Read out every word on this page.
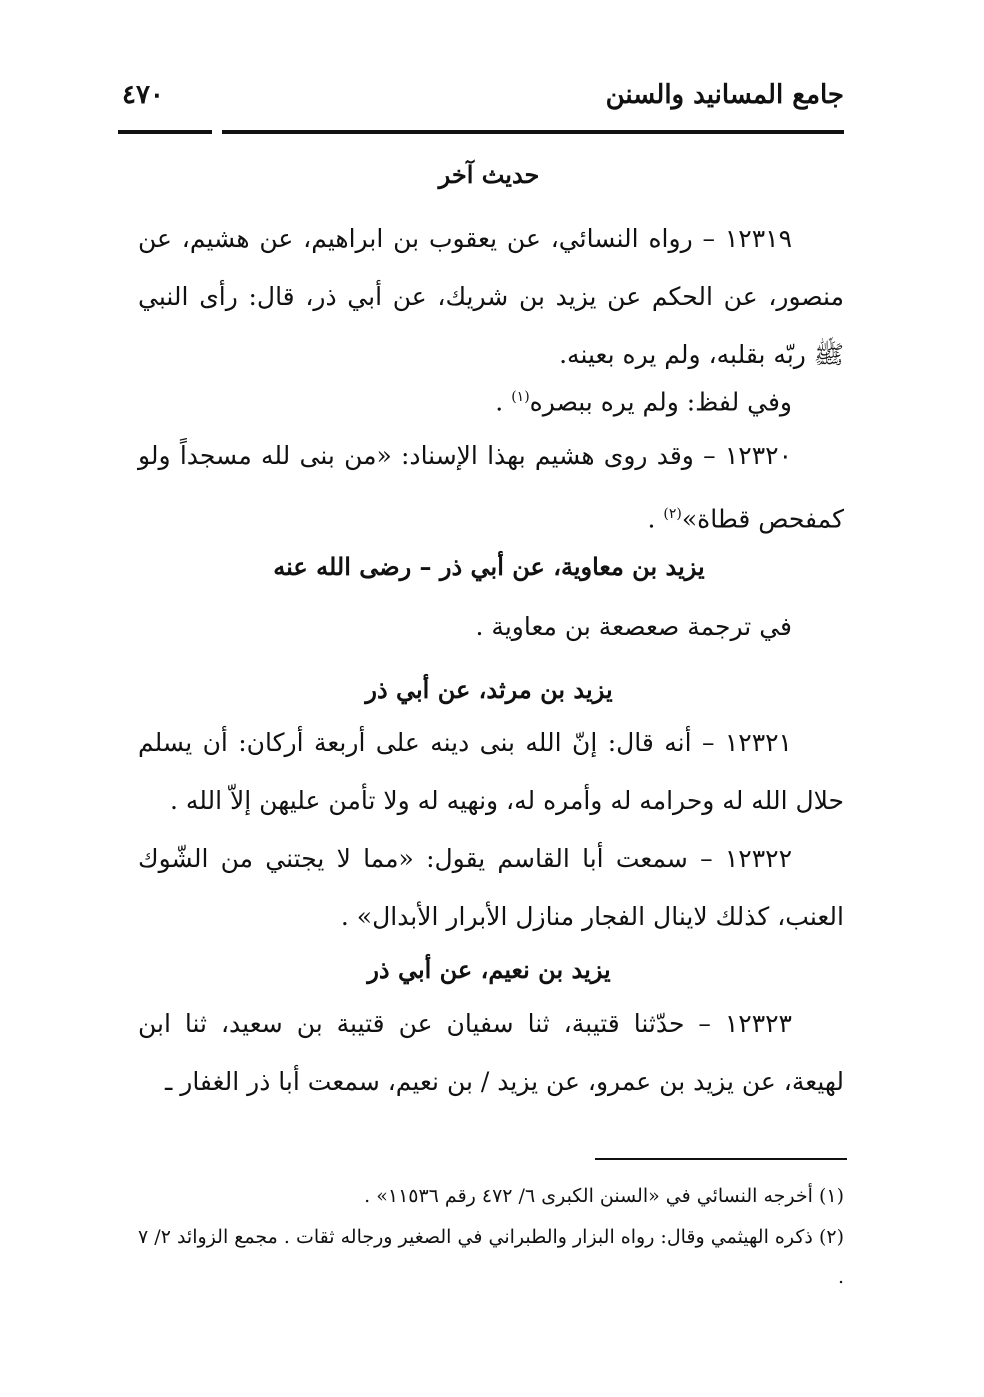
جامع المسانيد والسنن
٤٧٠
حديث آخر

١٢٣١٩ – رواه النسائي، عن يعقوب بن ابراهيم، عن هشيم، عن منصور، عن الحكم عن يزيد بن شريك، عن أبي ذر، قال: رأى النبي ﷺ ربّه بقلبه، ولم يره بعينه.

وفي لفظ: ولم يره ببصره$^{(١)}$ .

١٢٣٢٠ – وقد روى هشيم بهذا الإسناد: «من بنى لله مسجداً ولو كمفحص قطاة»$^{(٢)}$ .

يزيد بن معاوية، عن أبي ذر – رضى الله عنه

في ترجمة صعصعة بن معاوية .

يزيد بن مرثد، عن أبي ذر

١٢٣٢١ – أنه قال: إنّ الله بنى دينه على أربعة أركان: أن يسلم حلال الله له وحرامه له وأمره له، ونهيه له ولا تأمن عليهن إلاّ الله .

١٢٣٢٢ – سمعت أبا القاسم يقول: «مما لا يجتني من الشّوك العنب، كذلك لاينال الفجار منازل الأبرار الأبدال» .

يزيد بن نعيم، عن أبي ذر

١٢٣٢٣ – حدّثنا قتيبة، ثنا سفيان عن قتيبة بن سعيد، ثنا ابن لهيعة، عن يزيد بن عمرو، عن يزيد / بن نعيم، سمعت أبا ذر الغفار ـ

(١) أخرجه النسائي في «السنن الكبرى ٦/ ٤٧٢ رقم ١١٥٣٦» .

(٢) ذكره الهيثمي وقال: رواه البزار والطبراني في الصغير ورجاله ثقات . مجمع الزوائد ٢/ ٧ .
